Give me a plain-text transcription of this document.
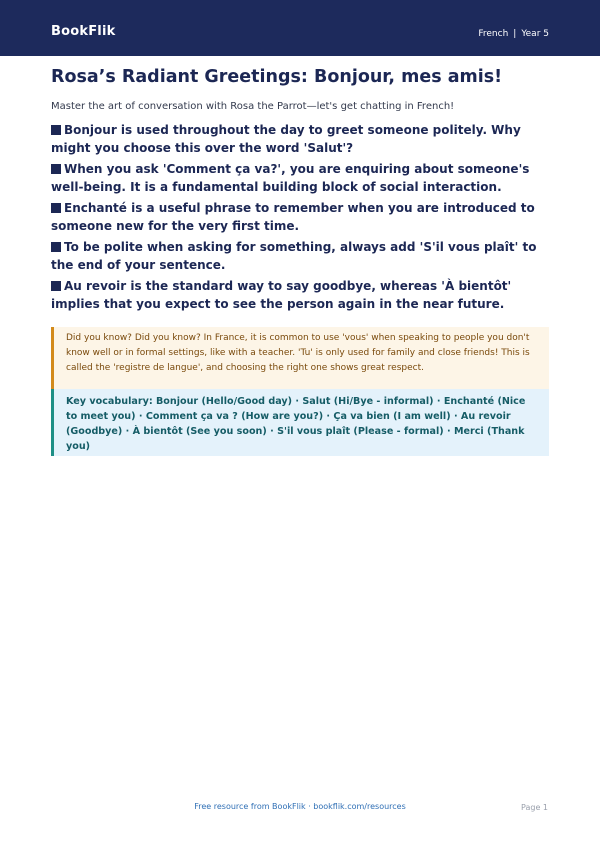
BookFlik	French | Year 5
Rosa’s Radiant Greetings: Bonjour, mes amis!

Master the art of conversation with Rosa the Parrot—let's get chatting in French!

Bonjour is used throughout the day to greet someone politely. Why might you choose this over the word 'Salut'?
When you ask 'Comment ça va?', you are enquiring about someone's well-being. It is a fundamental building block of social interaction.
Enchanté is a useful phrase to remember when you are introduced to someone new for the very first time.
To be polite when asking for something, always add 'S'il vous plaît' to the end of your sentence.
Au revoir is the standard way to say goodbye, whereas 'À bientôt' implies that you expect to see the person again in the near future.
Did you know? Did you know? In France, it is common to use 'vous' when speaking to people you don't know well or in formal settings, like with a teacher. 'Tu' is only used for family and close friends! This is called the 'registre de langue', and choosing the right one shows great respect.
Key vocabulary: Bonjour (Hello/Good day) · Salut (Hi/Bye - informal) · Enchanté (Nice to meet you) · Comment ça va ? (How are you?) · Ça va bien (I am well) · Au revoir (Goodbye) · À bientôt (See you soon) · S'il vous plaît (Please - formal) · Merci (Thank you)
Free resource from BookFlik · bookflik.com/resources	Page 1
